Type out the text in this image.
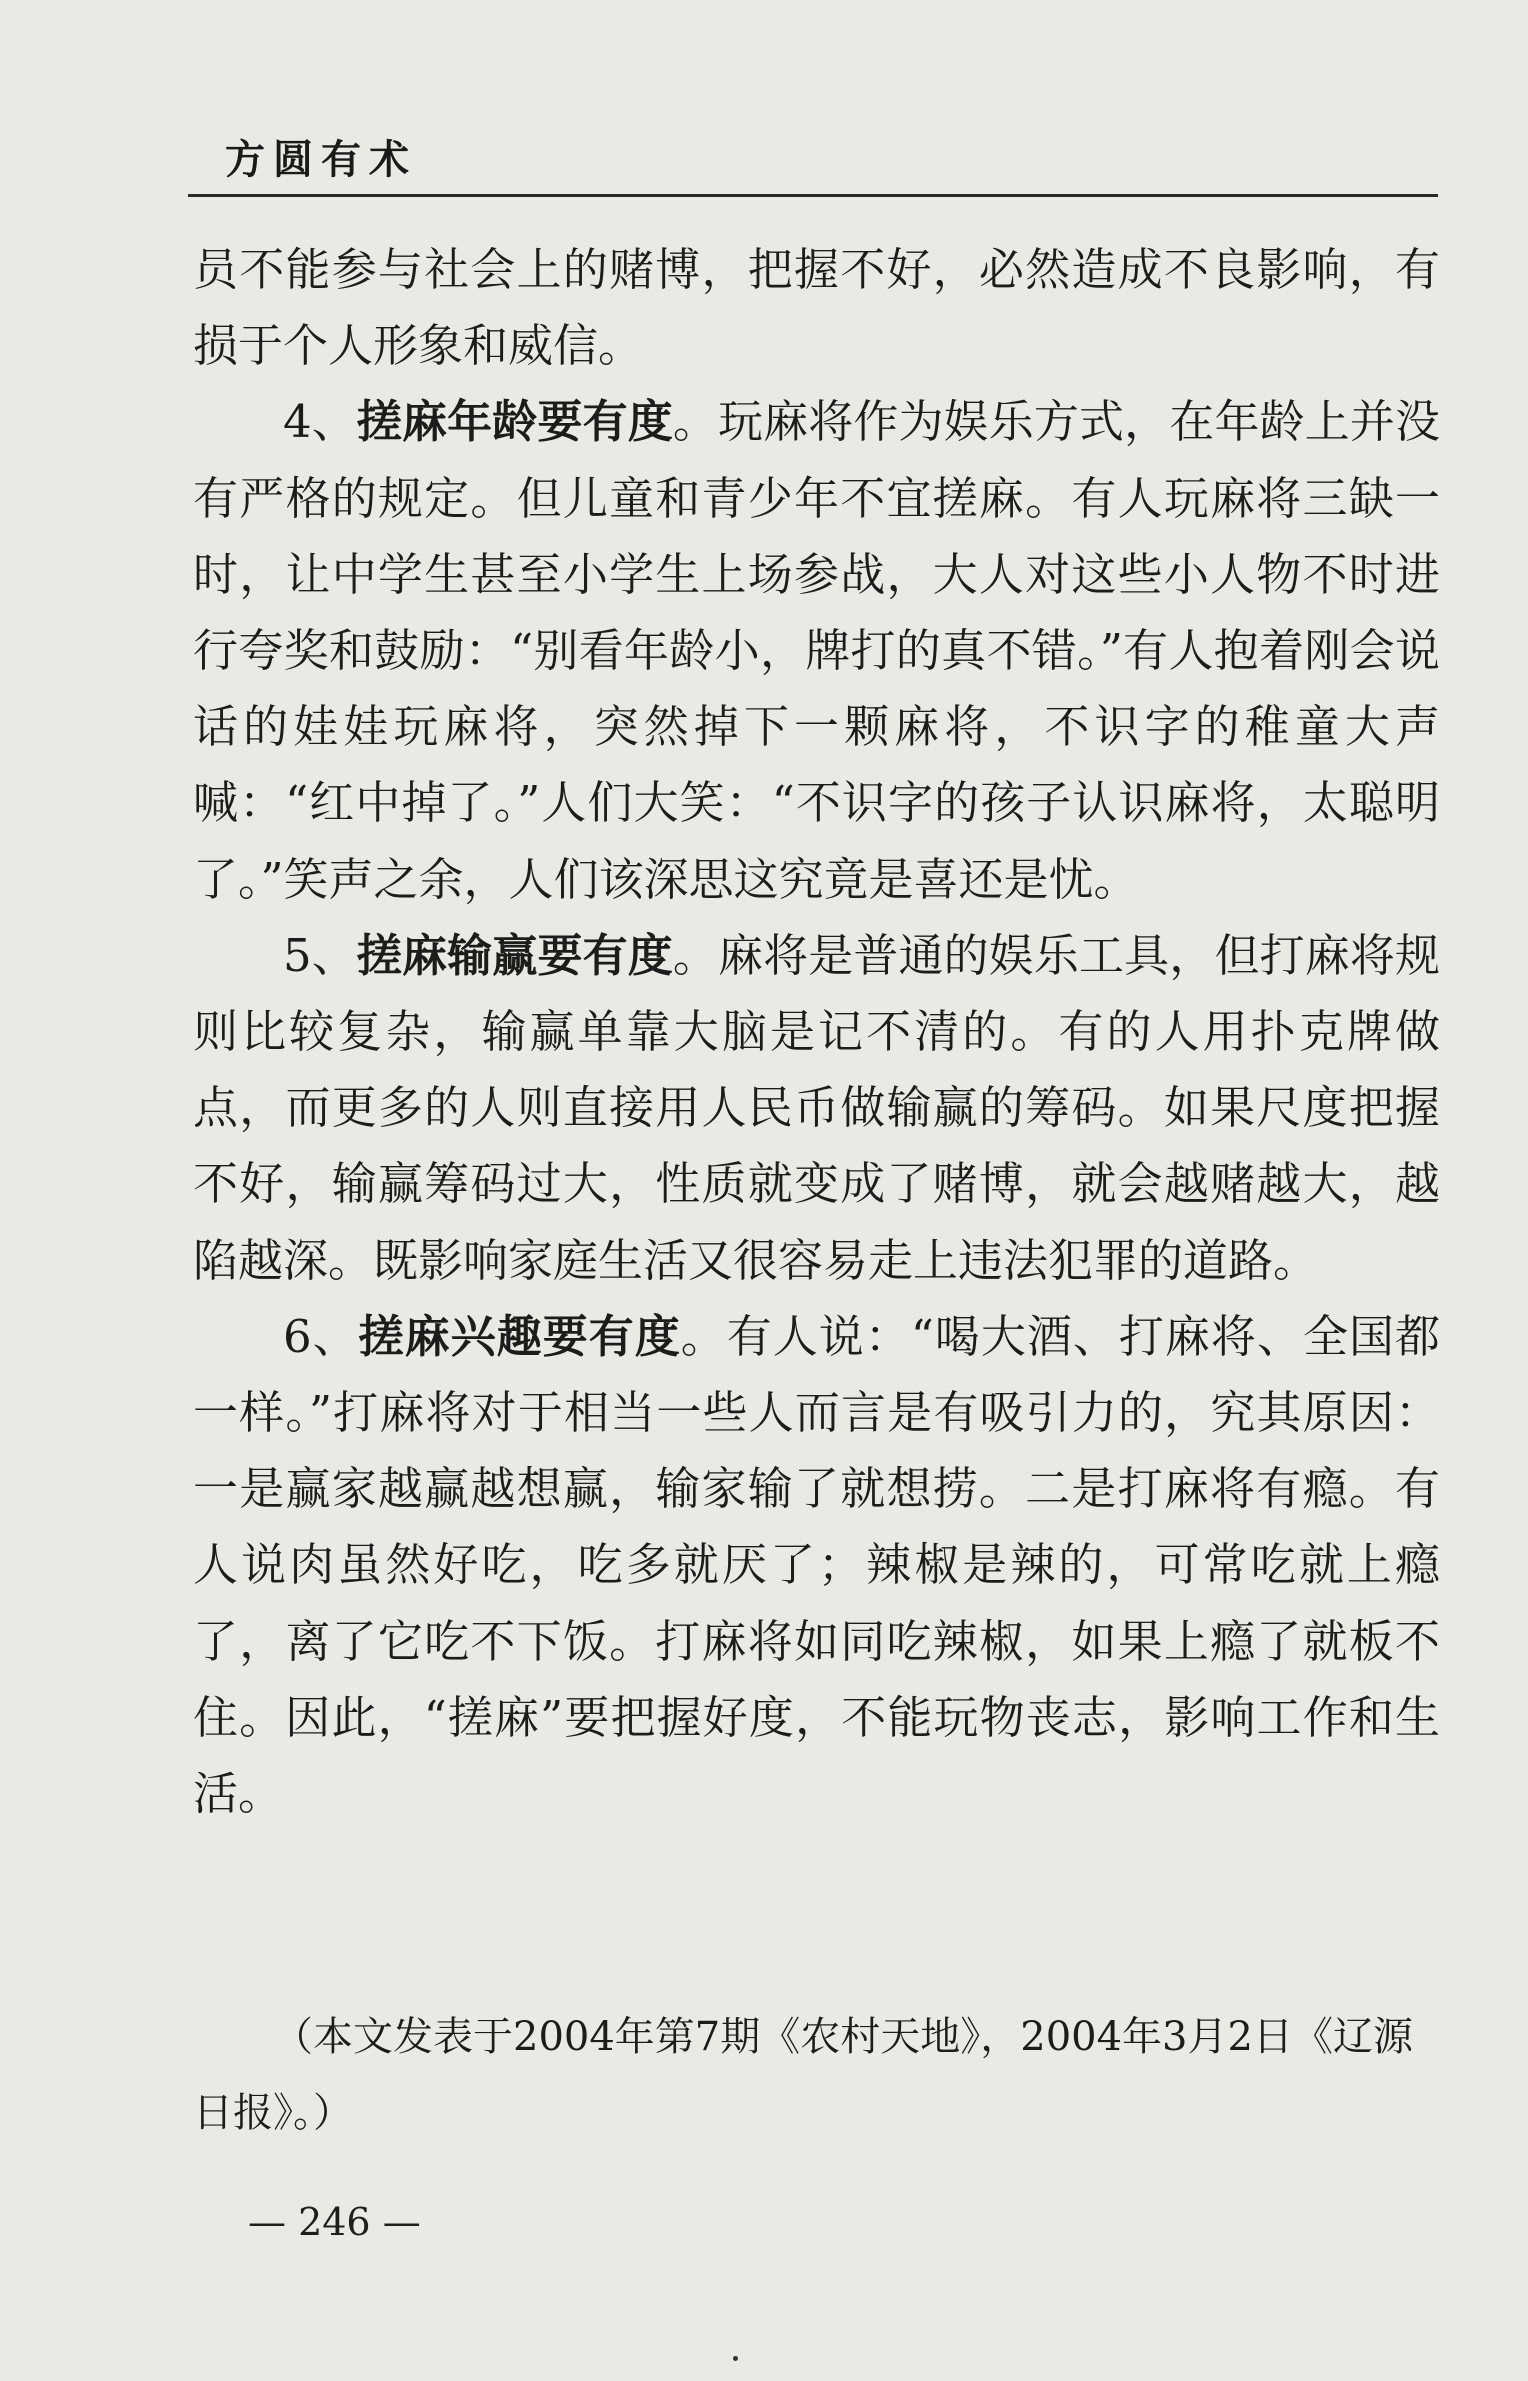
方圆有术

员不能参与社会上的赌博，把握不好，必然造成不良影响，有损于个人形象和威信。

4、搓麻年龄要有度。玩麻将作为娱乐方式，在年龄上并没有严格的规定。但儿童和青少年不宜搓麻。有人玩麻将三缺一时，让中学生甚至小学生上场参战，大人对这些小人物不时进行夸奖和鼓励：“别看年龄小，牌打的真不错。”有人抱着刚会说话的娃娃玩麻将，突然掉下一颗麻将，不识字的稚童大声喊：“红中掉了。”人们大笑：“不识字的孩子认识麻将，太聪明了。”笑声之余，人们该深思这究竟是喜还是忧。

5、搓麻输赢要有度。麻将是普通的娱乐工具，但打麻将规则比较复杂，输赢单靠大脑是记不清的。有的人用扑克牌做点，而更多的人则直接用人民币做输赢的筹码。如果尺度把握不好，输赢筹码过大，性质就变成了赌博，就会越赌越大，越陷越深。既影响家庭生活又很容易走上违法犯罪的道路。

6、搓麻兴趣要有度。有人说：“喝大酒、打麻将、全国都一样。”打麻将对于相当一些人而言是有吸引力的，究其原因：一是赢家越赢越想赢，输家输了就想捞。二是打麻将有瘾。有人说肉虽然好吃，吃多就厌了；辣椒是辣的，可常吃就上瘾了，离了它吃不下饭。打麻将如同吃辣椒，如果上瘾了就板不住。因此，“搓麻”要把握好度，不能玩物丧志，影响工作和生活。

（本文发表于2004年第7期《农村天地》，2004年3月2日《辽源日报》。）
— 246 —
